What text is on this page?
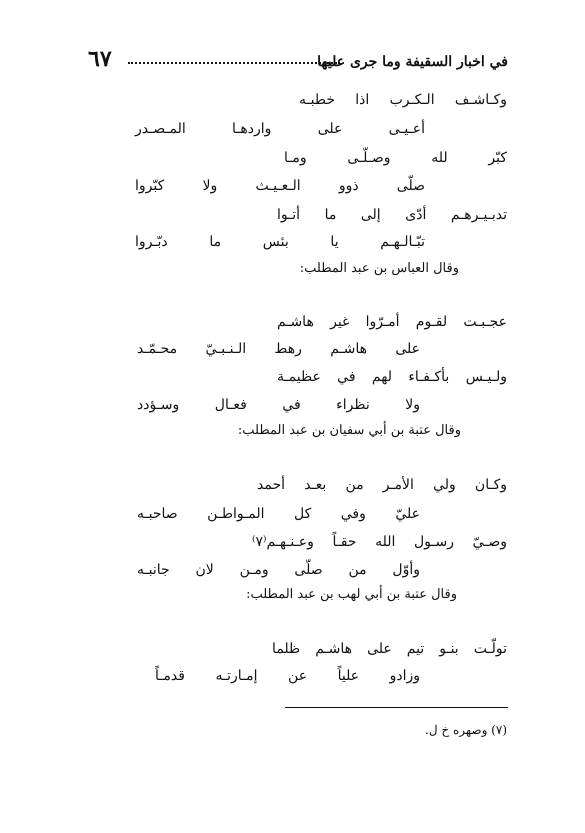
في اخبار السقيفة وما جرى عليها
٦٧
وكـاشـف
الـكـرب
اذا
خطبـه
أعـيـى
على
واردهـا
المـصـدر
كبّر
لله
وصـلّـى
ومـا
صلّى
ذوو
الـعـيـث
ولا
كبّروا
تدبـيـرهـم
أدّى
إلى
ما
أتـوا
تبّـالـهـم
يا
بئس
ما
دبّـروا
وقال العباس بن عبد المطلب:
عجـبـت
لقـوم
أمـرّوا
غير
هاشـم
على
هاشـم
رهط
الـنـبـيّ
محـمّـد
ولـيـس
بأكـفـاء
لهم
في
عظيمـة
ولا
نظراء
في
فعـال
وسـؤدد
وقال عتبة بن أبي سفيان بن عبد المطلب:
وكـان
ولي
الأمـر
من
بعـد
أحمد
عليّ
وفي
كل
المـواطـن
صاحبـه
وصـيّ
رسـول
الله
حقـاً
وعـنـهـم⁽٧⁾
وأوّل
من
صلّى
ومـن
لان
جانبـه
وقال عتبة بن أبي لهب بن عبد المطلب:
تولّـت
بنـو
تيم
على
هاشـم
ظلما
وزادو
علياً
عن
إمـارتـه
قدمـاً
(٧) وصهره خ ل.
